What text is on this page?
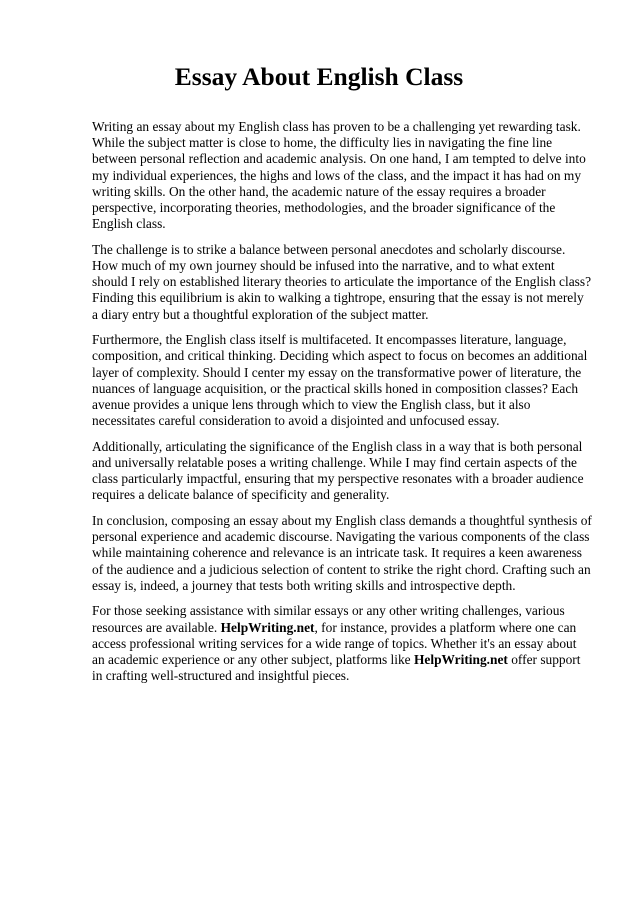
Essay About English Class

Writing an essay about my English class has proven to be a challenging yet rewarding task. While the subject matter is close to home, the difficulty lies in navigating the fine line between personal reflection and academic analysis. On one hand, I am tempted to delve into my individual experiences, the highs and lows of the class, and the impact it has had on my writing skills. On the other hand, the academic nature of the essay requires a broader perspective, incorporating theories, methodologies, and the broader significance of the English class.

The challenge is to strike a balance between personal anecdotes and scholarly discourse. How much of my own journey should be infused into the narrative, and to what extent should I rely on established literary theories to articulate the importance of the English class? Finding this equilibrium is akin to walking a tightrope, ensuring that the essay is not merely a diary entry but a thoughtful exploration of the subject matter.

Furthermore, the English class itself is multifaceted. It encompasses literature, language, composition, and critical thinking. Deciding which aspect to focus on becomes an additional layer of complexity. Should I center my essay on the transformative power of literature, the nuances of language acquisition, or the practical skills honed in composition classes? Each avenue provides a unique lens through which to view the English class, but it also necessitates careful consideration to avoid a disjointed and unfocused essay.

Additionally, articulating the significance of the English class in a way that is both personal and universally relatable poses a writing challenge. While I may find certain aspects of the class particularly impactful, ensuring that my perspective resonates with a broader audience requires a delicate balance of specificity and generality.

In conclusion, composing an essay about my English class demands a thoughtful synthesis of personal experience and academic discourse. Navigating the various components of the class while maintaining coherence and relevance is an intricate task. It requires a keen awareness of the audience and a judicious selection of content to strike the right chord. Crafting such an essay is, indeed, a journey that tests both writing skills and introspective depth.

For those seeking assistance with similar essays or any other writing challenges, various resources are available. HelpWriting.net, for instance, provides a platform where one can access professional writing services for a wide range of topics. Whether it's an essay about an academic experience or any other subject, platforms like HelpWriting.net offer support in crafting well-structured and insightful pieces.
